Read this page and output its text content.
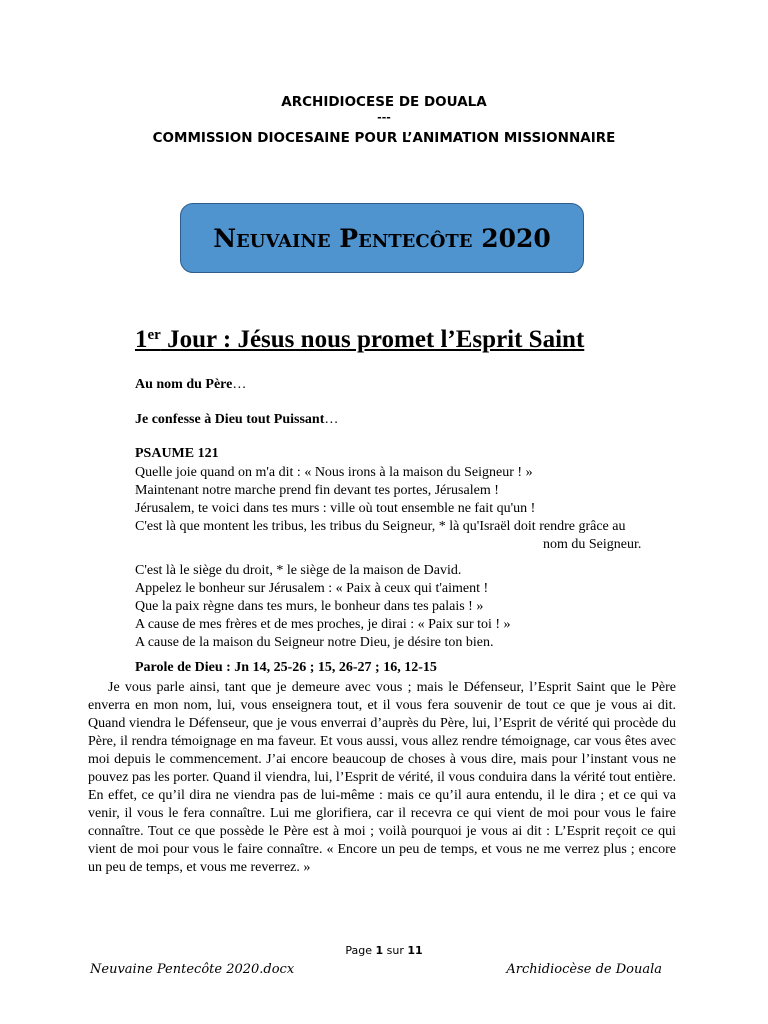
ARCHIDIOCESE DE DOUALA
---
COMMISSION DIOCESAINE POUR L’ANIMATION MISSIONNAIRE
Neuvaine Pentecôte 2020
1er Jour : Jésus nous promet l’Esprit Saint
Au nom du Père…
Je confesse à Dieu tout Puissant…
PSAUME 121
Quelle joie quand on m'a dit : « Nous irons à la maison du Seigneur ! »
Maintenant notre marche prend fin devant tes portes, Jérusalem !
Jérusalem, te voici dans tes murs : ville où tout ensemble ne fait qu'un !
C'est là que montent les tribus, les tribus du Seigneur, * là qu'Israël doit rendre grâce au
nom du Seigneur.
C'est là le siège du droit, * le siège de la maison de David.
Appelez le bonheur sur Jérusalem : « Paix à ceux qui t'aiment !
Que la paix règne dans tes murs, le bonheur dans tes palais ! »
A cause de mes frères et de mes proches, je dirai : « Paix sur toi ! »
A cause de la maison du Seigneur notre Dieu, je désire ton bien.
Parole de Dieu : Jn 14, 25-26 ; 15, 26-27 ; 16, 12-15
Je vous parle ainsi, tant que je demeure avec vous ; mais le Défenseur, l’Esprit Saint que le Père enverra en mon nom, lui, vous enseignera tout, et il vous fera souvenir de tout ce que je vous ai dit. Quand viendra le Défenseur, que je vous enverrai d’auprès du Père, lui, l’Esprit de vérité qui procède du Père, il rendra témoignage en ma faveur. Et vous aussi, vous allez rendre témoignage, car vous êtes avec moi depuis le commencement. J’ai encore beaucoup de choses à vous dire, mais pour l’instant vous ne pouvez pas les porter. Quand il viendra, lui, l’Esprit de vérité, il vous conduira dans la vérité tout entière. En effet, ce qu’il dira ne viendra pas de lui-même : mais ce qu’il aura entendu, il le dira ; et ce qui va venir, il vous le fera connaître. Lui me glorifiera, car il recevra ce qui vient de moi pour vous le faire connaître. Tout ce que possède le Père est à moi ; voilà pourquoi je vous ai dit : L’Esprit reçoit ce qui vient de moi pour vous le faire connaître. « Encore un peu de temps, et vous ne me verrez plus ; encore un peu de temps, et vous me reverrez. »
Page 1 sur 11
Neuvaine Pentecôte 2020.docx	Archidiocèse de Douala
